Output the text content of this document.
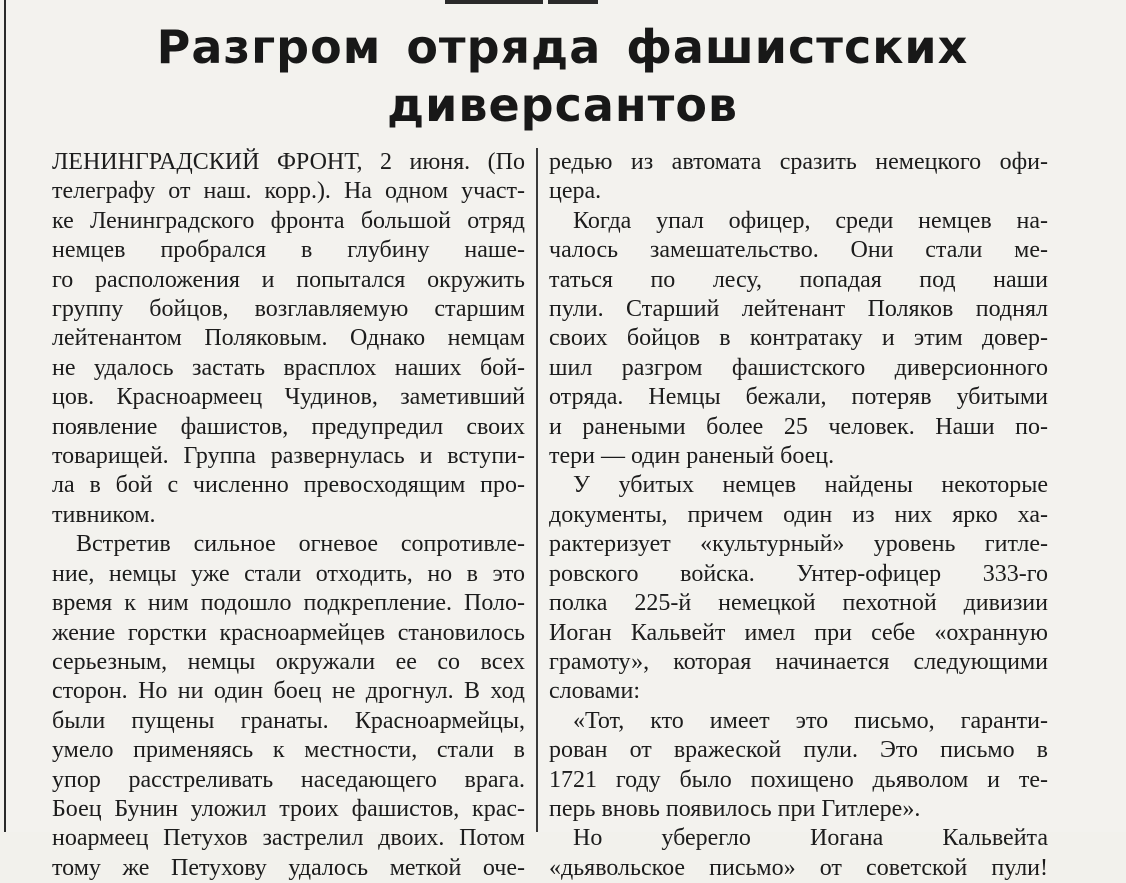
Разгром отряда фашистских
диверсантов
ЛЕНИНГРАДСКИЙ ФРОНТ, 2 июня. (По
телеграфу от наш. корр.). На одном участ-
ке Ленинградского фронта большой отряд
немцев пробрался в глубину наше-
го расположения и попытался окружить
группу бойцов, возглавляемую старшим
лейтенантом Поляковым. Однако немцам
не удалось застать врасплох наших бой-
цов. Красноармеец Чудинов, заметивший
появление фашистов, предупредил своих
товарищей. Группа развернулась и вступи-
ла в бой с численно превосходящим про-
тивником.
Встретив сильное огневое сопротивле-
ние, немцы уже стали отходить, но в это
время к ним подошло подкрепление. Поло-
жение горстки красноармейцев становилось
серьезным, немцы окружали ее со всех
сторон. Но ни один боец не дрогнул. В ход
были пущены гранаты. Красноармейцы,
умело применяясь к местности, стали в
упор расстреливать наседающего врага.
Боец Бунин уложил троих фашистов, крас-
ноармеец Петухов застрелил двоих. Потом
тому же Петухову удалось меткой оче-
редью из автомата сразить немецкого офи-
цера.
Когда упал офицер, среди немцев на-
чалось замешательство. Они стали ме-
таться по лесу, попадая под наши
пули. Старший лейтенант Поляков поднял
своих бойцов в контратаку и этим довер-
шил разгром фашистского диверсионного
отряда. Немцы бежали, потеряв убитыми
и ранеными более 25 человек. Наши по-
тери — один раненый боец.
У убитых немцев найдены некоторые
документы, причем один из них ярко ха-
рактеризует «культурный» уровень гитле-
ровского войска. Унтер-офицер 333-го
полка 225-й немецкой пехотной дивизии
Иоган Кальвейт имел при себе «охранную
грамоту», которая начинается следующими
словами:
«Тот, кто имеет это письмо, гаранти-
рован от вражеской пули. Это письмо в
1721 году было похищено дьяволом и те-
перь вновь появилось при Гитлере».
Но уберегло Иогана Кальвейта
«дьявольское письмо» от советской пули!
